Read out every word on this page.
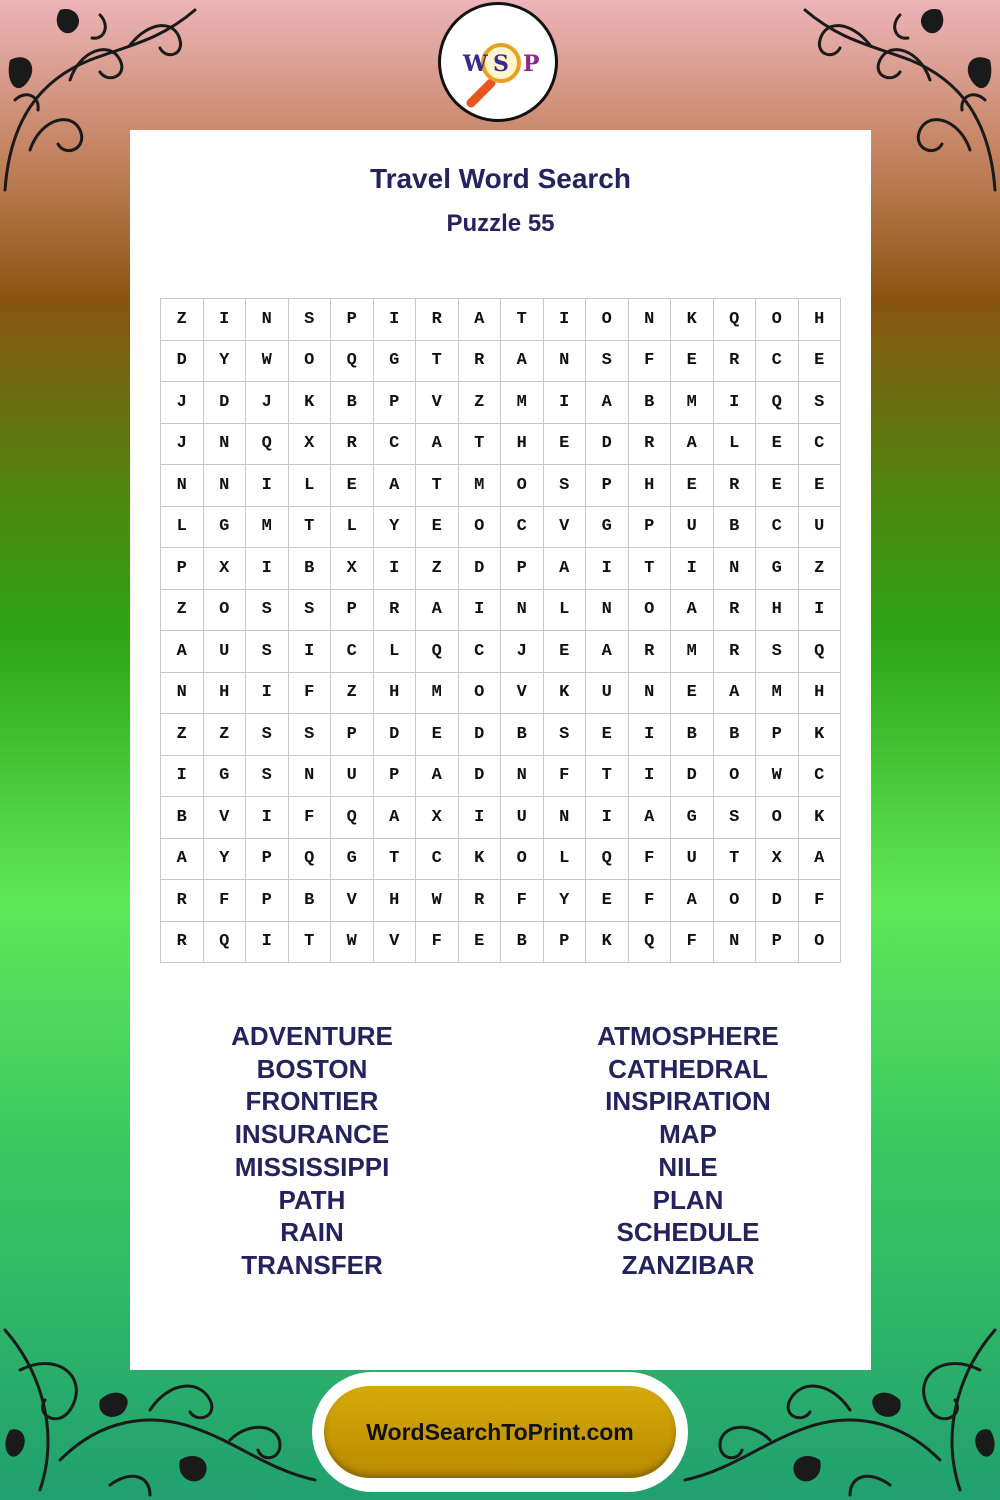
W S P
Travel Word Search
Puzzle 55
Z	I	N	S	P	I	R	A	T	I	O	N	K	Q	O	H
D	Y	W	O	Q	G	T	R	A	N	S	F	E	R	C	E
J	D	J	K	B	P	V	Z	M	I	A	B	M	I	Q	S
J	N	Q	X	R	C	A	T	H	E	D	R	A	L	E	C
N	N	I	L	E	A	T	M	O	S	P	H	E	R	E	E
L	G	M	T	L	Y	E	O	C	V	G	P	U	B	C	U
P	X	I	B	X	I	Z	D	P	A	I	T	I	N	G	Z
Z	O	S	S	P	R	A	I	N	L	N	O	A	R	H	I
A	U	S	I	C	L	Q	C	J	E	A	R	M	R	S	Q
N	H	I	F	Z	H	M	O	V	K	U	N	E	A	M	H
Z	Z	S	S	P	D	E	D	B	S	E	I	B	B	P	K
I	G	S	N	U	P	A	D	N	F	T	I	D	O	W	C
B	V	I	F	Q	A	X	I	U	N	I	A	G	S	O	K
A	Y	P	Q	G	T	C	K	O	L	Q	F	U	T	X	A
R	F	P	B	V	H	W	R	F	Y	E	F	A	O	D	F
R	Q	I	T	W	V	F	E	B	P	K	Q	F	N	P	O
ADVENTURE
BOSTON
FRONTIER
INSURANCE
MISSISSIPPI
PATH
RAIN
TRANSFER
ATMOSPHERE
CATHEDRAL
INSPIRATION
MAP
NILE
PLAN
SCHEDULE
ZANZIBAR
WordSearchToPrint.com
